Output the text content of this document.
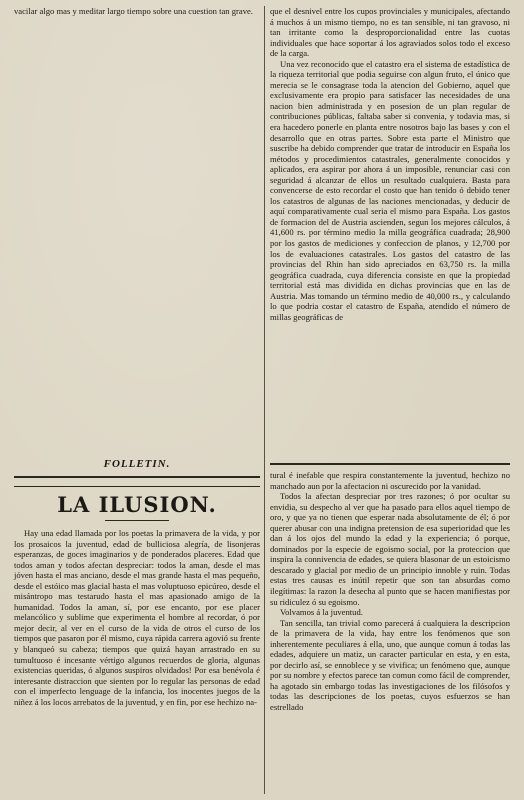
vacilar algo mas y meditar largo tiempo sobre una cuestion tan grave.	que el desnivel entre los cupos provinciales y municipales, afectando á muchos á un mismo tiempo, no es tan sensible, ni tan gravoso, ni tan irritante como la desproporcionalidad entre las cuotas individuales que hace soportar á los agraviados solos todo el exceso de la carga.

Una vez reconocido que el catastro era el sistema de estadística de la riqueza territorial que podia seguirse con algun fruto, el único que merecia se le consagrase toda la atencion del Gobierno, aquel que exclusivamente era propio para satisfacer las necesidades de una nacion bien administrada y en posesion de un plan regular de contribuciones públicas, faltaba saber si convenia, y todavia mas, si era hacedero ponerle en planta entre nosotros bajo las bases y con el desarrollo que en otras partes. Sobre esta parte el Ministro que suscribe ha debido comprender que tratar de introducir en España los métodos y procedimientos catastrales, generalmente conocidos y aplicados, era aspirar por ahora á un imposible, renunciar casi con seguridad á alcanzar de ellos un resultado cualquiera. Basta para convencerse de esto recordar el costo que han tenido ó debido tener los catastros de algunas de las naciones mencionadas, y deducir de aquí comparativamente cual seria el mismo para España. Los gastos de formacion del de Austria ascienden, segun los mejores cálculos, á 41,600 rs. por término medio la milla geográfica cuadrada; 28,900 por los gastos de mediciones y confeccion de planos, y 12,700 por los de evaluaciones catastrales. Los gastos del catastro de las provincias del Rhin han sido apreciados en 63,750 rs. la milla geográfica cuadrada, cuya diferencia consiste en que la propiedad territorial está mas dividida en dichas provincias que en las de Austria. Mas tomando un término medio de 40,000 rs., y calculando lo que podria costar el catastro de España, atendido el número de millas geográficas de

FOLLETIN.
LA ILUSION.

Hay una edad llamada por los poetas la primavera de la vida, y por los prosaicos la juventud, edad de bulliciosa alegría, de lisonjeras esperanzas, de goces imaginarios y de ponderados placeres. Edad que todos aman y todos afectan despreciar: todos la aman, desde el mas jóven hasta el mas anciano, desde el mas grande hasta el mas pequeño, desde el estóico mas glacial hasta el mas voluptuoso epicúreo, desde el misántropo mas testarudo hasta el mas apasionado amigo de la humanidad. Todos la aman, sí, por ese encanto, por ese placer melancólico y sublime que experimenta el hombre al recordar, ó por mejor decir, al ver en el curso de la vida de otros el curso de los tiempos que pasaron por él mismo, cuya rápida carrera agovió su frente y blanqueó su cabeza; tiempos que quizá hayan arrastrado en su tumultuoso é incesante vértigo algunos recuerdos de gloria, algunas existencias queridas, ó algunos suspiros olvidados! Por esa benévola é interesante distraccion que sienten por lo regular las personas de edad con el imperfecto lenguage de la infancia, los inocentes juegos de la niñez á los locos arrebatos de la juventud, y en fin, por ese hechizo na-

tural é inefable que respira constantemente la juventud, hechizo no manchado aun por la afectacion ni oscurecido por la vanidad.

Todos la afectan despreciar por tres razones; ó por ocultar su envidia, su despecho al ver que ha pasado para ellos aquel tiempo de oro, y que ya no tienen que esperar nada absolutamente de él; ó por querer abusar con una indigna pretension de esa superioridad que les dan á los ojos del mundo la edad y la experiencia; ó porque, dominados por la especie de egoismo social, por la proteccion que inspira la connivencia de edades, se quiera blasonar de un estoicismo descarado y glacial por medio de un principio innoble y ruin. Todas estas tres causas es inútil repetir que son tan absurdas como ilegítimas: la razon la desecha al punto que se hacen manifiestas por su ridiculez ó su egoismo.

Volvamos á la juventud.

Tan sencilla, tan trivial como parecerá á cualquiera la descripcion de la primavera de la vida, hay entre los fenómenos que son inherentemente peculiares á ella, uno, que aunque comun á todas las edades, adquiere un matiz, un caracter particular en esta, y en esta, por decirlo así, se ennoblece y se vivifica; un fenómeno que, aunque por su nombre y efectos parece tan comun como fácil de comprender, ha agotado sin embargo todas las investigaciones de los filósofos y todas las descripciones de los poetas, cuyos esfuerzos se han estrellado
